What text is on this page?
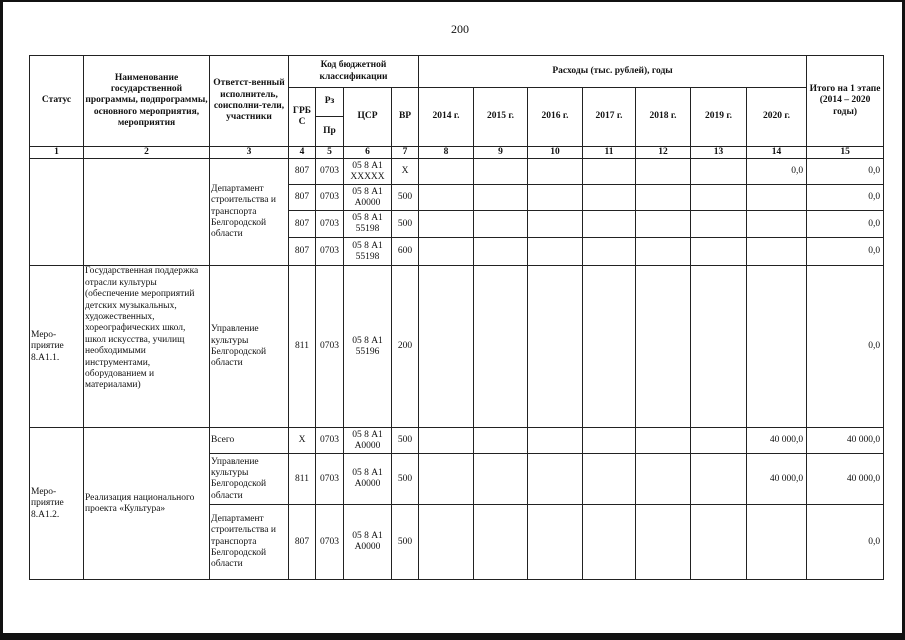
200
Статус	Наименование государственной программы, подпрограммы, основного мероприятия, мероприятия	Ответст-венный исполнитель, соисполни-тели, участники	Код бюджетной классификации				Расходы (тыс. рублей), годы							Итого на 1 этапе (2014 – 2020 годы)
			ГРБ С	Рз	ЦСР	ВР	2014 г.	2015 г.	2016 г.	2017 г.	2018 г.	2019 г.	2020 г.	
				Пр										
1	2	3	4	5	6	7	8	9	10	11	12	13	14	15
		Департамент строительства и транспорта Белгородской области	807	0703	05 8 А1 ХХХХХ	Х							0,0	0,0
			807	0703	05 8 А1 А0000	500								0,0
			807	0703	05 8 А1 55198	500								0,0
			807	0703	05 8 А1 55198	600								0,0
Меро-приятие 8.А1.1.	Государственная поддержка отрасли культуры (обеспечение мероприятий детских музыкальных, художественных, хореографических школ, школ искусства, училищ необходимыми инструментами, оборудованием и материалами)	Управление культуры Белгородской области	811	0703	05 8 А1 55196	200								0,0
Меро-приятие 8.А1.2.	Реализация национального проекта «Культура»	Всего	Х	0703	05 8 А1 А0000	500							40 000,0	40 000,0
		Управление культуры Белгородской области	811	0703	05 8 А1 А0000	500							40 000,0	40 000,0
		Департамент строительства и транспорта Белгородской области	807	0703	05 8 А1 А0000	500								0,0
